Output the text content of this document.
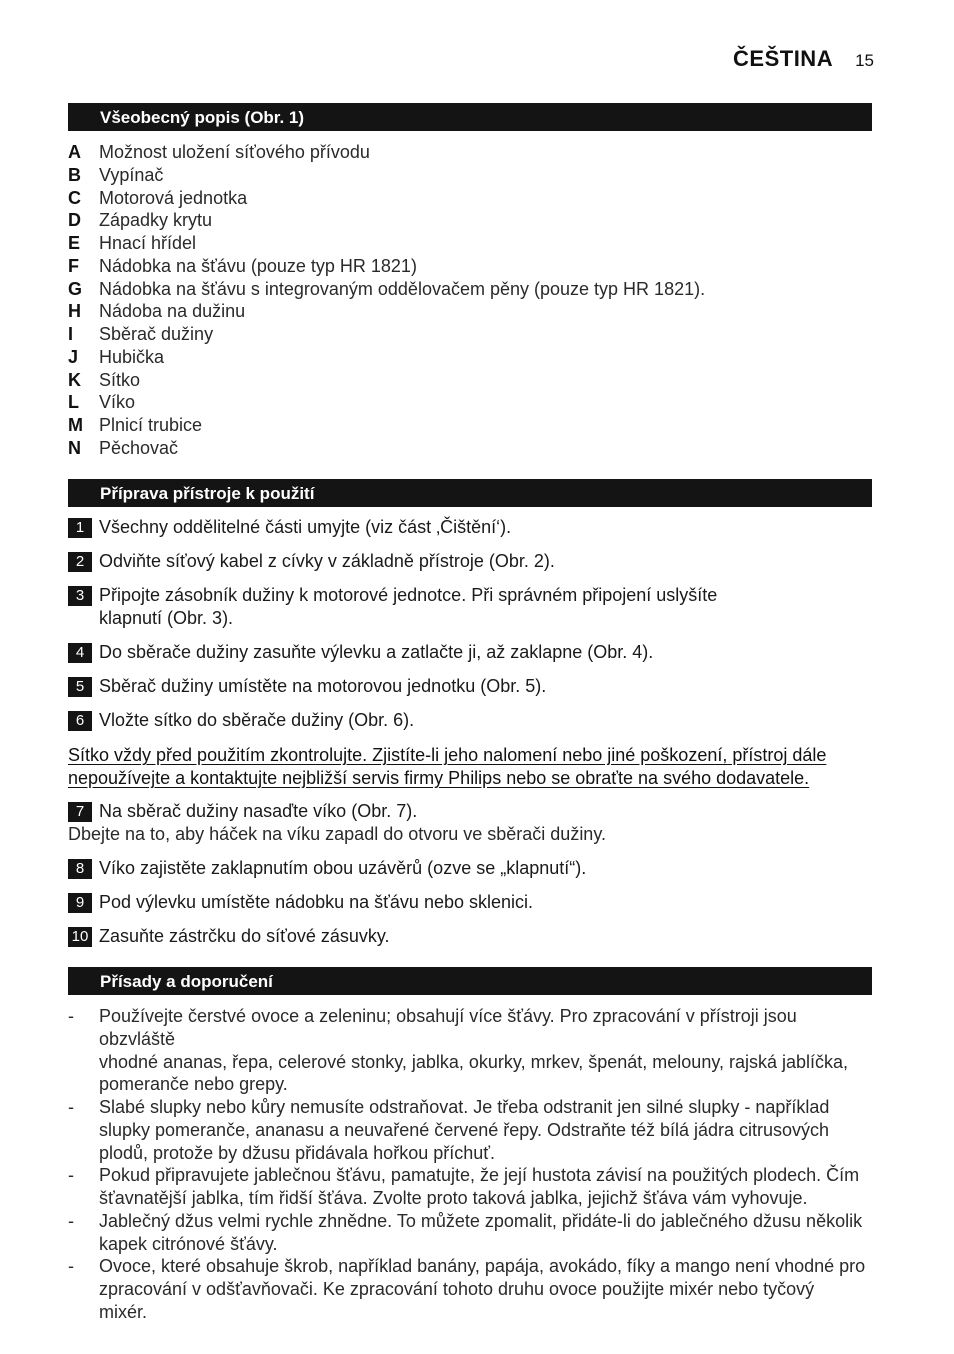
ČEŠTINA 15
Všeobecný popis (Obr. 1)
A Možnost uložení síťového přívodu
B Vypínač
C Motorová jednotka
D Západky krytu
E Hnací hřídel
F Nádobka na šťávu (pouze typ HR 1821)
G Nádobka na šťávu s integrovaným oddělovačem pěny (pouze typ HR 1821).
H Nádoba na dužinu
I Sběrač dužiny
J Hubička
K Sítko
L Víko
M Plnicí trubice
N Pěchovač
Příprava přístroje k použití
1 Všechny oddělitelné části umyjte (viz část ‚Čištění‘).
2 Odviňte síťový kabel z cívky v základně přístroje (Obr. 2).
3 Připojte zásobník dužiny k motorové jednotce. Při správném připojení uslyšíte
klapnutí (Obr. 3).
4 Do sběrače dužiny zasuňte výlevku a zatlačte ji, až zaklapne (Obr. 4).
5 Sběrač dužiny umístěte na motorovou jednotku (Obr. 5).
6 Vložte sítko do sběrače dužiny (Obr. 6).
Sítko vždy před použitím zkontrolujte. Zjistíte-li jeho nalomení nebo jiné poškození, přístroj dále
nepoužívejte a kontaktujte nejbližší servis firmy Philips nebo se obraťte na svého dodavatele.
7 Na sběrač dužiny nasaďte víko (Obr. 7).
Dbejte na to, aby háček na víku zapadl do otvoru ve sběrači dužiny.
8 Víko zajistěte zaklapnutím obou uzávěrů (ozve se „klapnutí“).
9 Pod výlevku umístěte nádobku na šťávu nebo sklenici.
10 Zasuňte zástrčku do síťové zásuvky.
Přísady a doporučení
- Používejte čerstvé ovoce a zeleninu; obsahují více šťávy. Pro zpracování v přístroji jsou obzvláště
vhodné ananas, řepa, celerové stonky, jablka, okurky, mrkev, špenát, melouny, rajská jablíčka,
pomeranče nebo grepy.
- Slabé slupky nebo kůry nemusíte odstraňovat. Je třeba odstranit jen silné slupky - například
slupky pomeranče, ananasu a neuvařené červené řepy. Odstraňte též bílá jádra citrusových
plodů, protože by džusu přidávala hořkou příchuť.
- Pokud připravujete jablečnou šťávu, pamatujte, že její hustota závisí na použitých plodech. Čím
šťavnatější jablka, tím řidší šťáva. Zvolte proto taková jablka, jejichž šťáva vám vyhovuje.
- Jablečný džus velmi rychle zhnědne. To můžete zpomalit, přidáte-li do jablečného džusu několik
kapek citrónové šťávy.
- Ovoce, které obsahuje škrob, například banány, papája, avokádo, fíky a mango není vhodné pro
zpracování v odšťavňovači. Ke zpracování tohoto druhu ovoce použijte mixér nebo tyčový
mixér.
